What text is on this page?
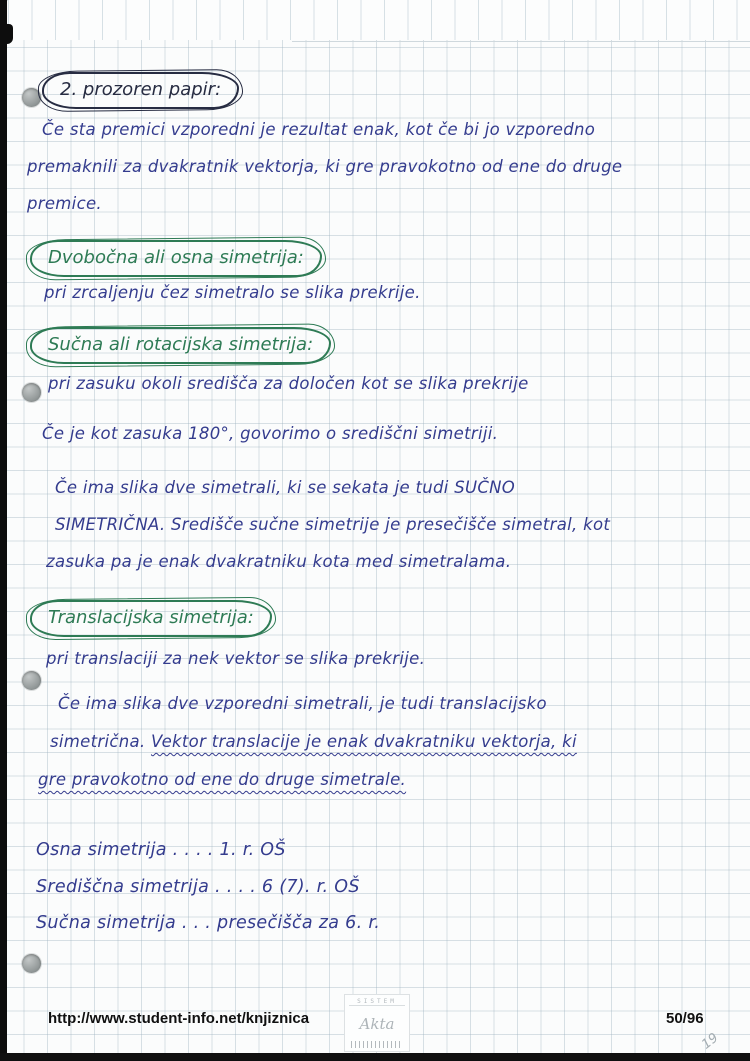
2. prozoren papir:
Če sta premici vzporedni je rezultat enak, kot če bi jo vzporedno
premaknili za dvakratnik vektorja, ki gre pravokotno od ene do druge
premice.
Dvobočna ali osna simetrija:
pri zrcaljenju čez simetralo se slika prekrije.
Sučna ali rotacijska simetrija:
pri zasuku okoli središča za določen kot se slika prekrije
Če je kot zasuka 180°, govorimo o središčni simetriji.
Če ima slika dve simetrali, ki se sekata je tudi SUČNO
SIMETRIČNA. Središče sučne simetrije je presečišče simetral, kot
zasuka pa je enak dvakratniku kota med simetralama.
Translacijska simetrija:
pri translaciji za nek vektor se slika prekrije.
Če ima slika dve vzporedni simetrali, je tudi translacijsko
simetrična. Vektor translacije je enak dvakratniku vektorja, ki
gre pravokotno od ene do druge simetrale.
Osna simetrija . . . . 1. r. OŠ
Središčna simetrija . . . . 6 (7). r. OŠ
Sučna simetrija . . . presečišča za 6. r.
http://www.student-info.net/knjiznica	50/96
SISTEM
Akta
19
